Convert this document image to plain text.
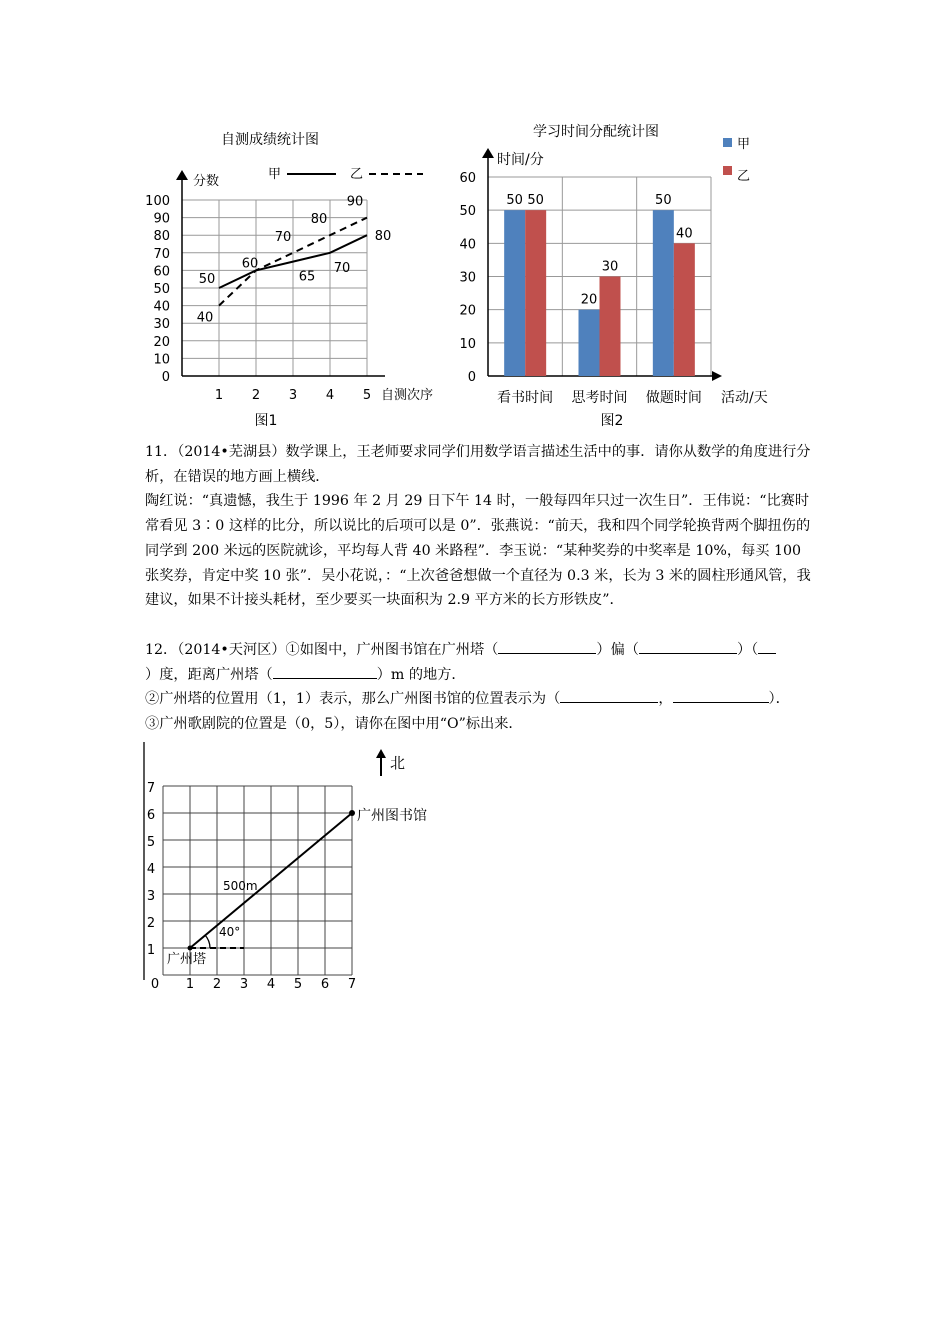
自测成绩统计图
0
10
20
30
40
50
60
70
80
90
100
1 2 3 4 5
分数
自测次序
甲	乙
50
60
65
70
80
40
70
80
90
图1
学习时间分配统计图
0
10
20
30
40
50
60
时间/分
活动/天
50 50
20
30
50
40
看书时间 思考时间 做题时间
甲
乙
图2

11．（2014•芜湖县）数学课上，王老师要求同学们用数学语言描述生活中的事．请你从数学的角度进行分析，在错误的地方画上横线．

陶红说：“真遗憾，我生于 1996 年 2 月 29 日下午 14 时，一般每四年只过一次生日”．王伟说：“比赛时常看见 3∶0 这样的比分，所以说比的后项可以是 0”．张燕说：“前天，我和四个同学轮换背两个脚扭伤的同学到 200 米远的医院就诊，平均每人背 40 米路程”．李玉说：“某种奖券的中奖率是 10%，每买 100 张奖券，肯定中奖 10 张”．吴小花说，：“上次爸爸想做一个直径为 0.3 米，长为 3 米的圆柱形通风管，我建议，如果不计接头耗材，至少要买一块面积为 2.9 平方米的长方形铁皮”．

12．（2014•天河区）①如图中，广州图书馆在广州塔（	）偏（	）（

）度，距离广州塔（	）m 的地方．

②广州塔的位置用（1，1）表示，那么广州图书馆的位置表示为（	，	）．

③广州歌剧院的位置是（0，5），请你在图中用“O”标出来．

0 1 2 3 4 5 6 7
1
2
3
4
5
6
7
北
500m
40°
广州塔
广州图书馆
